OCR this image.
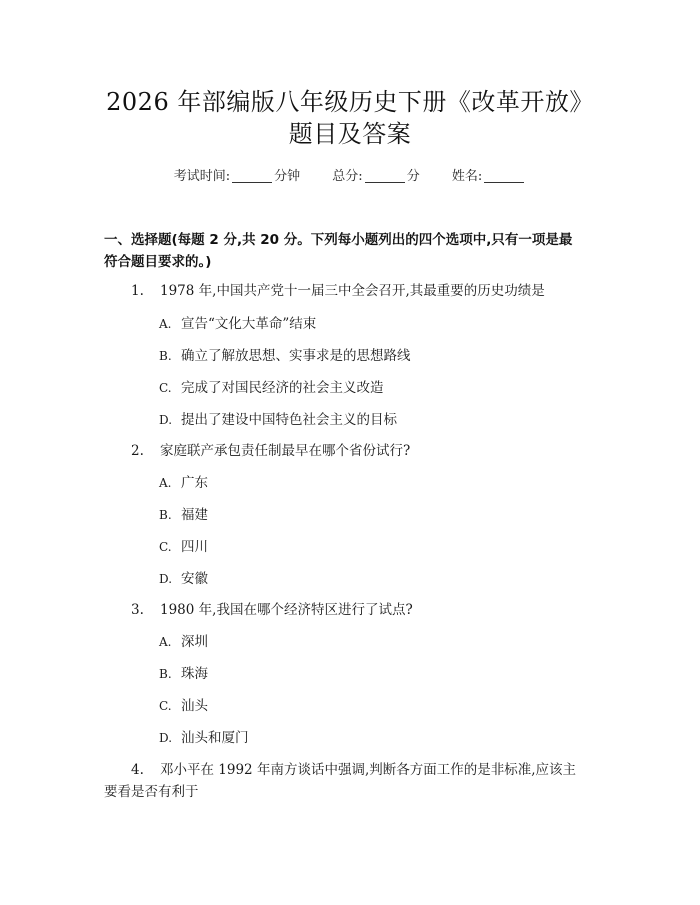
2026 年部编版八年级历史下册《改革开放》
题目及答案
考试时间:	分钟 总分:	分 姓名:
一、选择题(每题 2 分,共 20 分。下列每小题列出的四个选项中,只有一项是最
符合题目要求的。)
1. 1978 年,中国共产党十一届三中全会召开,其最重要的历史功绩是
A. 宣告“文化大革命”结束
B. 确立了解放思想、实事求是的思想路线
C. 完成了对国民经济的社会主义改造
D. 提出了建设中国特色社会主义的目标
2. 家庭联产承包责任制最早在哪个省份试行?
A. 广东
B. 福建
C. 四川
D. 安徽
3. 1980 年,我国在哪个经济特区进行了试点?
A. 深圳
B. 珠海
C. 汕头
D. 汕头和厦门
4. 邓小平在 1992 年南方谈话中强调,判断各方面工作的是非标准,应该主
要看是否有利于
